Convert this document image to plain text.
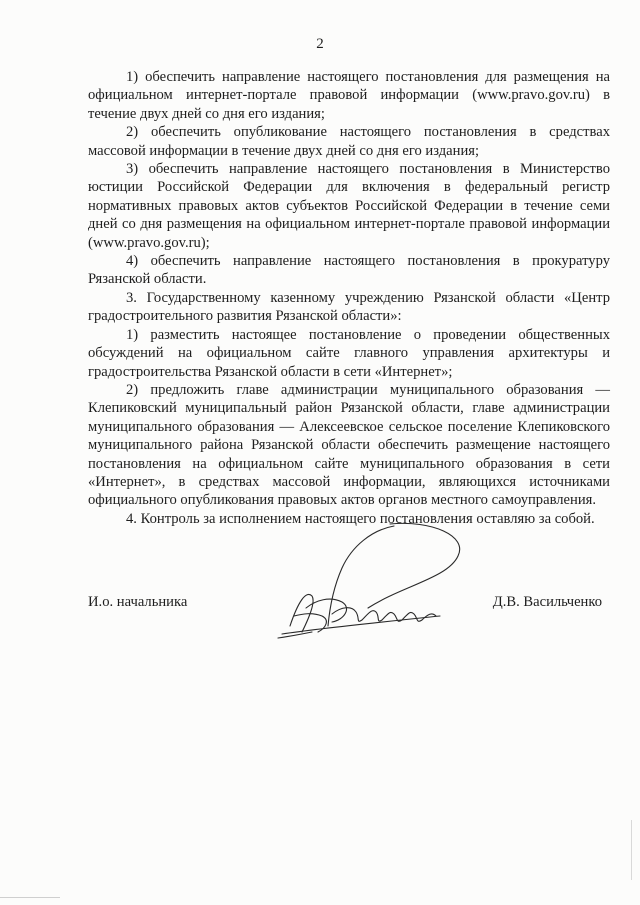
2

1) обеспечить направление настоящего постановления для размещения на официальном интернет-портале правовой информации (www.pravo.gov.ru) в течение двух дней со дня его издания;

2) обеспечить опубликование настоящего постановления в средствах массовой информации в течение двух дней со дня его издания;

3) обеспечить направление настоящего постановления в Министерство юстиции Российской Федерации для включения в федеральный регистр нормативных правовых актов субъектов Российской Федерации в течение семи дней со дня размещения на официальном интернет-портале правовой информации (www.pravo.gov.ru);

4) обеспечить направление настоящего постановления в прокуратуру Рязанской области.

3. Государственному казенному учреждению Рязанской области «Центр градостроительного развития Рязанской области»:

1) разместить настоящее постановление о проведении общественных обсуждений на официальном сайте главного управления архитектуры и градостроительства Рязанской области в сети «Интернет»;

2) предложить главе администрации муниципального образования — Клепиковский муниципальный район Рязанской области, главе администрации муниципального образования — Алексеевское сельское поселение Клепиковского муниципального района Рязанской области обеспечить размещение настоящего постановления на официальном сайте муниципального образования в сети «Интернет», в средствах массовой информации, являющихся источниками официального опубликования правовых актов органов местного самоуправления.

4. Контроль за исполнением настоящего постановления оставляю за собой.

И.о. начальника	Д.В. Васильченко
